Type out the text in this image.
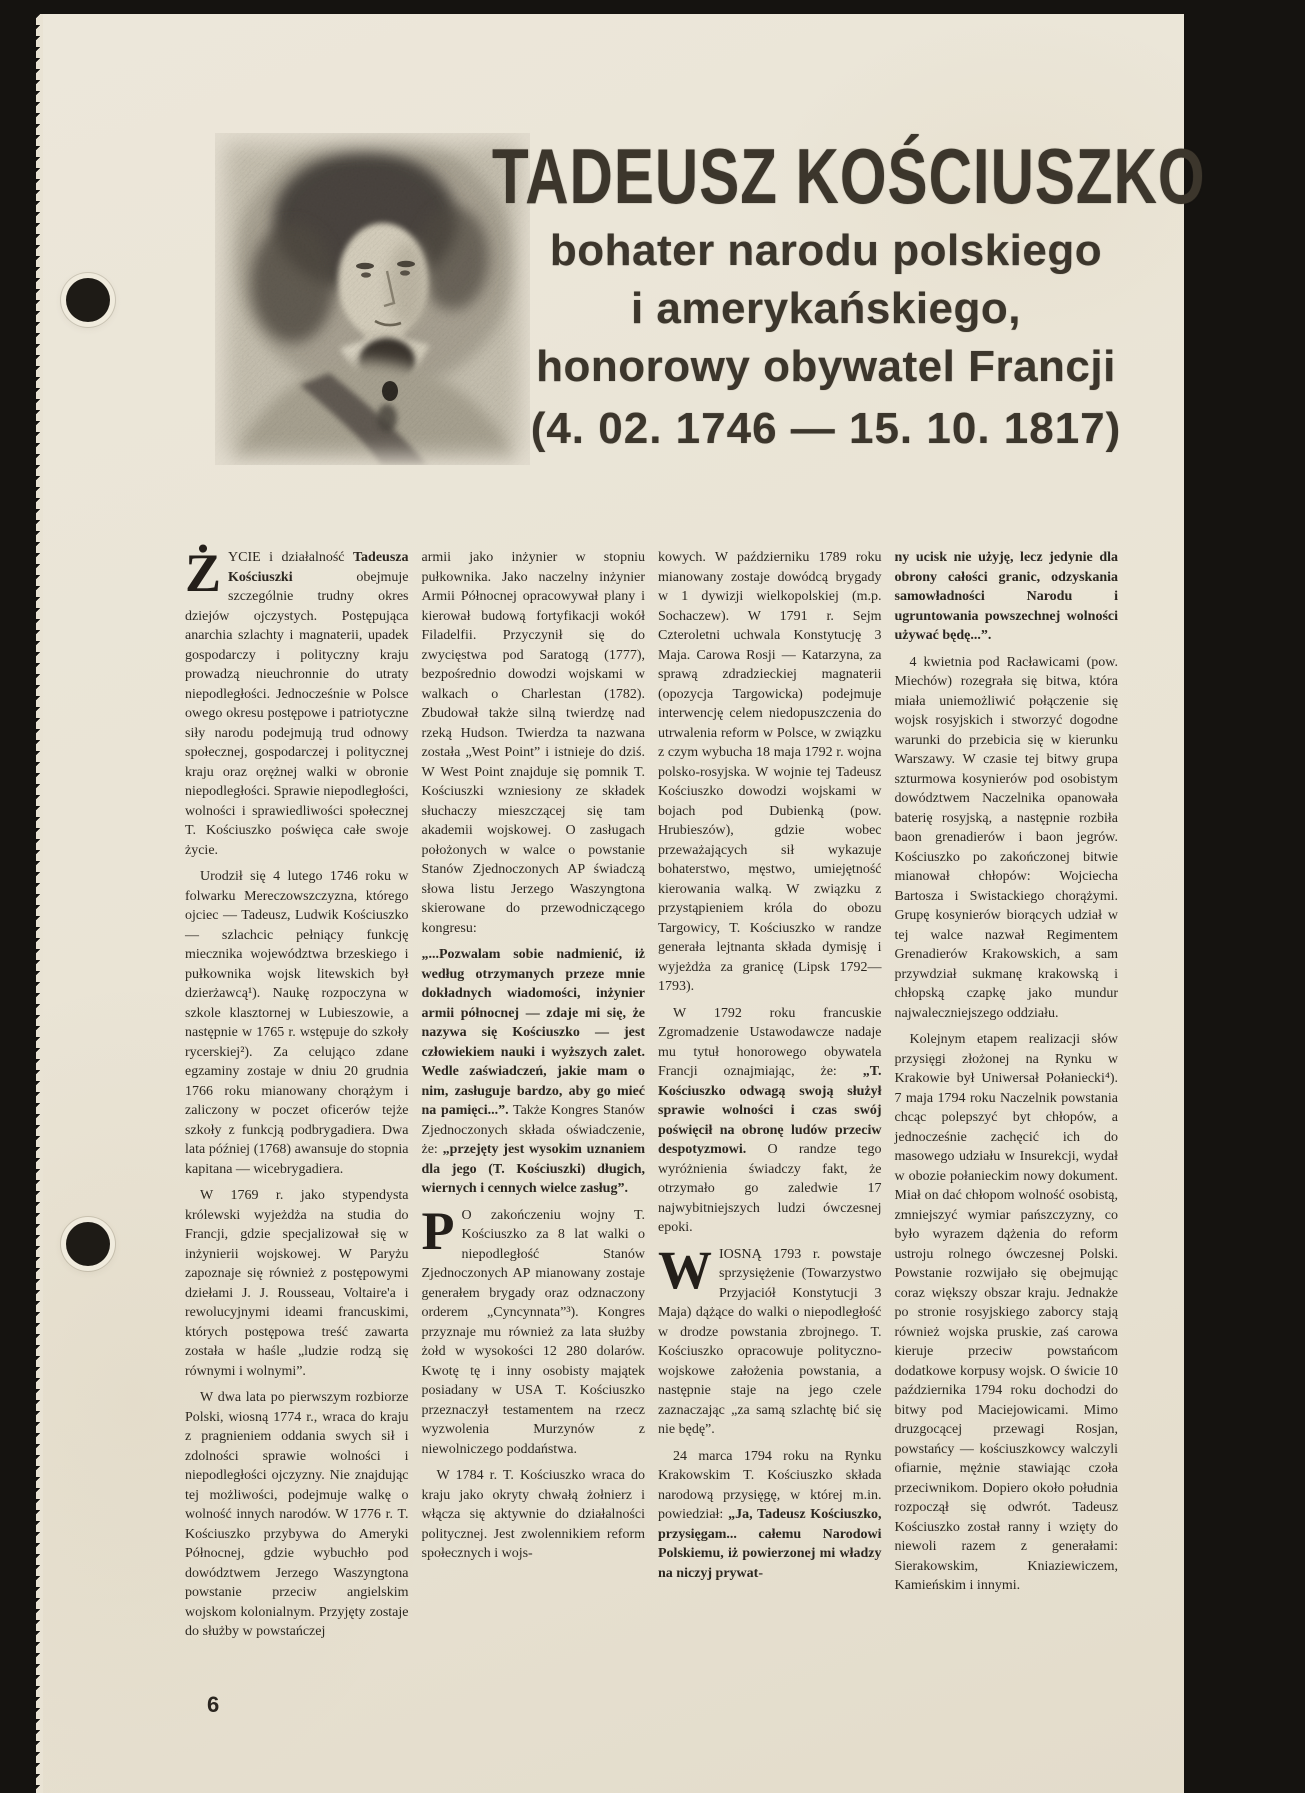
TADEUSZ KOŚCIUSZKO
bohater narodu polskiego
i amerykańskiego,
honorowy obywatel Francji
(4. 02. 1746 — 15. 10. 1817)

ŻYCIE i działalność Tadeusza Kościuszki obejmuje szczególnie trudny okres dziejów ojczystych. Postępująca anarchia szlachty i magnaterii, upadek gospodarczy i polityczny kraju prowadzą nieuchronnie do utraty niepodległości. Jednocześnie w Polsce owego okresu postępowe i patriotyczne siły narodu podejmują trud odnowy społecznej, gospodarczej i politycznej kraju oraz orężnej walki w obronie niepodległości. Sprawie niepodległości, wolności i sprawiedliwości społecznej T. Kościuszko poświęca całe swoje życie.

Urodził się 4 lutego 1746 roku w folwarku Mereczowszczyzna, którego ojciec — Tadeusz, Ludwik Kościuszko — szlachcic pełniący funkcję miecznika województwa brzeskiego i pułkownika wojsk litewskich był dzierżawcą¹). Naukę rozpoczyna w szkole klasztornej w Lubieszowie, a następnie w 1765 r. wstępuje do szkoły rycerskiej²). Za celująco zdane egzaminy zostaje w dniu 20 grudnia 1766 roku mianowany chorążym i zaliczony w poczet oficerów tejże szkoły z funkcją podbrygadiera. Dwa lata później (1768) awansuje do stopnia kapitana — wicebrygadiera.

W 1769 r. jako stypendysta królewski wyjeżdża na studia do Francji, gdzie specjalizował się w inżynierii wojskowej. W Paryżu zapoznaje się również z postępowymi dziełami J. J. Rousseau, Voltaire'a i rewolucyjnymi ideami francuskimi, których postępowa treść zawarta została w haśle „ludzie rodzą się równymi i wolnymi”.

W dwa lata po pierwszym rozbiorze Polski, wiosną 1774 r., wraca do kraju z pragnieniem oddania swych sił i zdolności sprawie wolności i niepodległości ojczyzny. Nie znajdując tej możliwości, podejmuje walkę o wolność innych narodów. W 1776 r. T. Kościuszko przybywa do Ameryki Północnej, gdzie wybuchło pod dowództwem Jerzego Waszyngtona powstanie przeciw angielskim wojskom kolonialnym. Przyjęty zostaje do służby w powstańczej

armii jako inżynier w stopniu pułkownika. Jako naczelny inżynier Armii Północnej opracowywał plany i kierował budową fortyfikacji wokół Filadelfii. Przyczynił się do zwycięstwa pod Saratogą (1777), bezpośrednio dowodzi wojskami w walkach o Charlestan (1782). Zbudował także silną twierdzę nad rzeką Hudson. Twierdza ta nazwana została „West Point” i istnieje do dziś. W West Point znajduje się pomnik T. Kościuszki wzniesiony ze składek słuchaczy mieszczącej się tam akademii wojskowej. O zasługach położonych w walce o powstanie Stanów Zjednoczonych AP świadczą słowa listu Jerzego Waszyngtona skierowane do przewodniczącego kongresu:

„...Pozwalam sobie nadmienić, iż według otrzymanych przeze mnie dokładnych wiadomości, inżynier armii północnej — zdaje mi się, że nazywa się Kościuszko — jest człowiekiem nauki i wyższych zalet. Wedle zaświadczeń, jakie mam o nim, zasługuje bardzo, aby go mieć na pamięci...”. Także Kongres Stanów Zjednoczonych składa oświadczenie, że: „przejęty jest wysokim uznaniem dla jego (T. Kościuszki) długich, wiernych i cennych wielce zasług”.

P O zakończeniu wojny T. Kościuszko za 8 lat walki o niepodległość Stanów Zjednoczonych AP mianowany zostaje generałem brygady oraz odznaczony orderem „Cyncynnata”³). Kongres przyznaje mu również za lata służby żołd w wysokości 12 280 dolarów. Kwotę tę i inny osobisty majątek posiadany w USA T. Kościuszko przeznaczył testamentem na rzecz wyzwolenia Murzynów z niewolniczego poddaństwa.

W 1784 r. T. Kościuszko wraca do kraju jako okryty chwałą żołnierz i włącza się aktywnie do działalności politycznej. Jest zwolennikiem reform społecznych i wojs-

kowych. W październiku 1789 roku mianowany zostaje dowódcą brygady w 1 dywizji wielkopolskiej (m.p. Sochaczew). W 1791 r. Sejm Czteroletni uchwala Konstytucję 3 Maja. Carowa Rosji — Katarzyna, za sprawą zdradzieckiej magnaterii (opozycja Targowicka) podejmuje interwencję celem niedopuszczenia do utrwalenia reform w Polsce, w związku z czym wybucha 18 maja 1792 r. wojna polsko-rosyjska. W wojnie tej Tadeusz Kościuszko dowodzi wojskami w bojach pod Dubienką (pow. Hrubieszów), gdzie wobec przeważających sił wykazuje bohaterstwo, męstwo, umiejętność kierowania walką. W związku z przystąpieniem króla do obozu Targowicy, T. Kościuszko w randze generała lejtnanta składa dymisję i wyjeżdża za granicę (Lipsk 1792—1793).

W 1792 roku francuskie Zgromadzenie Ustawodawcze nadaje mu tytuł honorowego obywatela Francji oznajmiając, że: „T. Kościuszko odwagą swoją służył sprawie wolności i czas swój poświęcił na obronę ludów przeciw despotyzmowi. O randze tego wyróżnienia świadczy fakt, że otrzymało go zaledwie 17 najwybitniejszych ludzi ówczesnej epoki.

WIOSNĄ 1793 r. powstaje sprzysiężenie (Towarzystwo Przyjaciół Konstytucji 3 Maja) dążące do walki o niepodległość w drodze powstania zbrojnego. T. Kościuszko opracowuje polityczno-wojskowe założenia powstania, a następnie staje na jego czele zaznaczając „za samą szlachtę bić się nie będę”.

24 marca 1794 roku na Rynku Krakowskim T. Kościuszko składa narodową przysięgę, w której m.in. powiedział: „Ja, Tadeusz Kościuszko, przysięgam... całemu Narodowi Polskiemu, iż powierzonej mi władzy na niczyj prywat-

ny ucisk nie użyję, lecz jedynie dla obrony całości granic, odzyskania samowładności Narodu i ugruntowania powszechnej wolności używać będę...”.

4 kwietnia pod Racławicami (pow. Miechów) rozegrała się bitwa, która miała uniemożliwić połączenie się wojsk rosyjskich i stworzyć dogodne warunki do przebicia się w kierunku Warszawy. W czasie tej bitwy grupa szturmowa kosynierów pod osobistym dowództwem Naczelnika opanowała baterię rosyjską, a następnie rozbiła baon grenadierów i baon jegrów. Kościuszko po zakończonej bitwie mianował chłopów: Wojciecha Bartosza i Swistackiego chorążymi. Grupę kosynierów biorących udział w tej walce nazwał Regimentem Grenadierów Krakowskich, a sam przywdział sukmanę krakowską i chłopską czapkę jako mundur najwaleczniejszego oddziału.

Kolejnym etapem realizacji słów przysięgi złożonej na Rynku w Krakowie był Uniwersał Połaniecki⁴). 7 maja 1794 roku Naczelnik powstania chcąc polepszyć byt chłopów, a jednocześnie zachęcić ich do masowego udziału w Insurekcji, wydał w obozie połanieckim nowy dokument. Miał on dać chłopom wolność osobistą, zmniejszyć wymiar pańszczyzny, co było wyrazem dążenia do reform ustroju rolnego ówczesnej Polski. Powstanie rozwijało się obejmując coraz większy obszar kraju. Jednakże po stronie rosyjskiego zaborcy stają również wojska pruskie, zaś carowa kieruje przeciw powstańcom dodatkowe korpusy wojsk. O świcie 10 października 1794 roku dochodzi do bitwy pod Maciejowicami. Mimo druzgocącej przewagi Rosjan, powstańcy — kościuszkowcy walczyli ofiarnie, mężnie stawiając czoła przeciwnikom. Dopiero około południa rozpoczął się odwrót. Tadeusz Kościuszko został ranny i wzięty do niewoli razem z generałami: Sierakowskim, Kniaziewiczem, Kamieńskim i innymi.

6
